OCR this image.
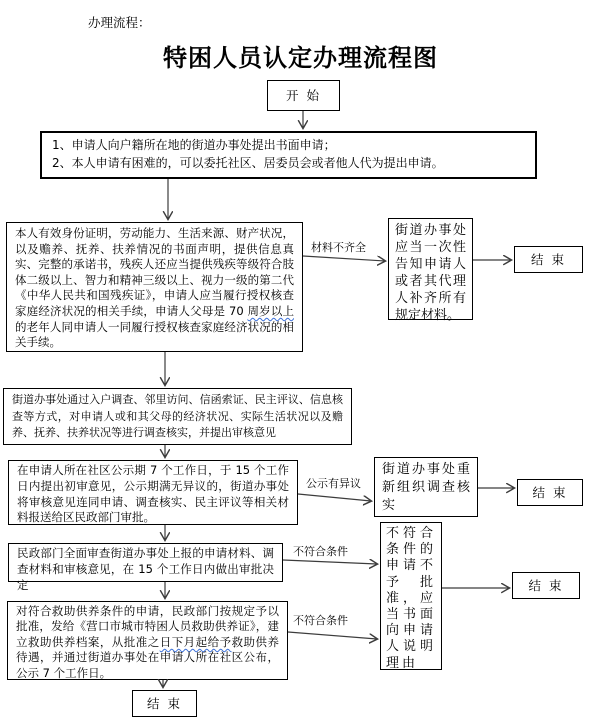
办理流程：
特困人员认定办理流程图
开 始
1、申请人向户籍所在地的街道办事处提出书面申请；
2、本人申请有困难的，可以委托社区、居委员会或者他人代为提出申请。
本人有效身份证明，劳动能力、生活来源、财产状况，以及赡养、抚养、扶养情况的书面声明，提供信息真实、完整的承诺书，残疾人还应当提供残疾等级符合肢体二级以上、智力和精神三级以上、视力一级的第二代《中华人民共和国残疾证》，申请人应当履行授权核查家庭经济状况的相关手续，申请人父母是 70 周岁以上的老年人同申请人一同履行授权核查家庭经济状况的相关手续。
材料不齐全
街道办事处应当一次性告知申请人或者其代理人补齐所有规定材料。
结 束
街道办事处通过入户调查、邻里访问、信函索证、民主评议、信息核查等方式，对申请人或和其父母的经济状况、实际生活状况以及赡养、抚养、扶养状况等进行调查核实，并提出审核意见
在申请人所在社区公示期 7 个工作日，于 15 个工作日内提出初审意见，公示期满无异议的，街道办事处将审核意见连同申请、调查核实、民主评议等相关材料报送给区民政部门审批。
公示有异议
街道办事处重新组织调查核实
结 束
民政部门全面审查街道办事处上报的申请材料、调查材料和审核意见，在 15 个工作日内做出审批决定
不符合条件
不符合条件
不符合条件的申请不予批准，应当书面向申请人说明理由
结 束
对符合救助供养条件的申请，民政部门按规定予以批准，发给《营口市城市特困人员救助供养证》，建立救助供养档案，从批准之日下月起给予救助供养待遇，并通过街道办事处在申请人所在社区公布，公示 7 个工作日。
结 束
